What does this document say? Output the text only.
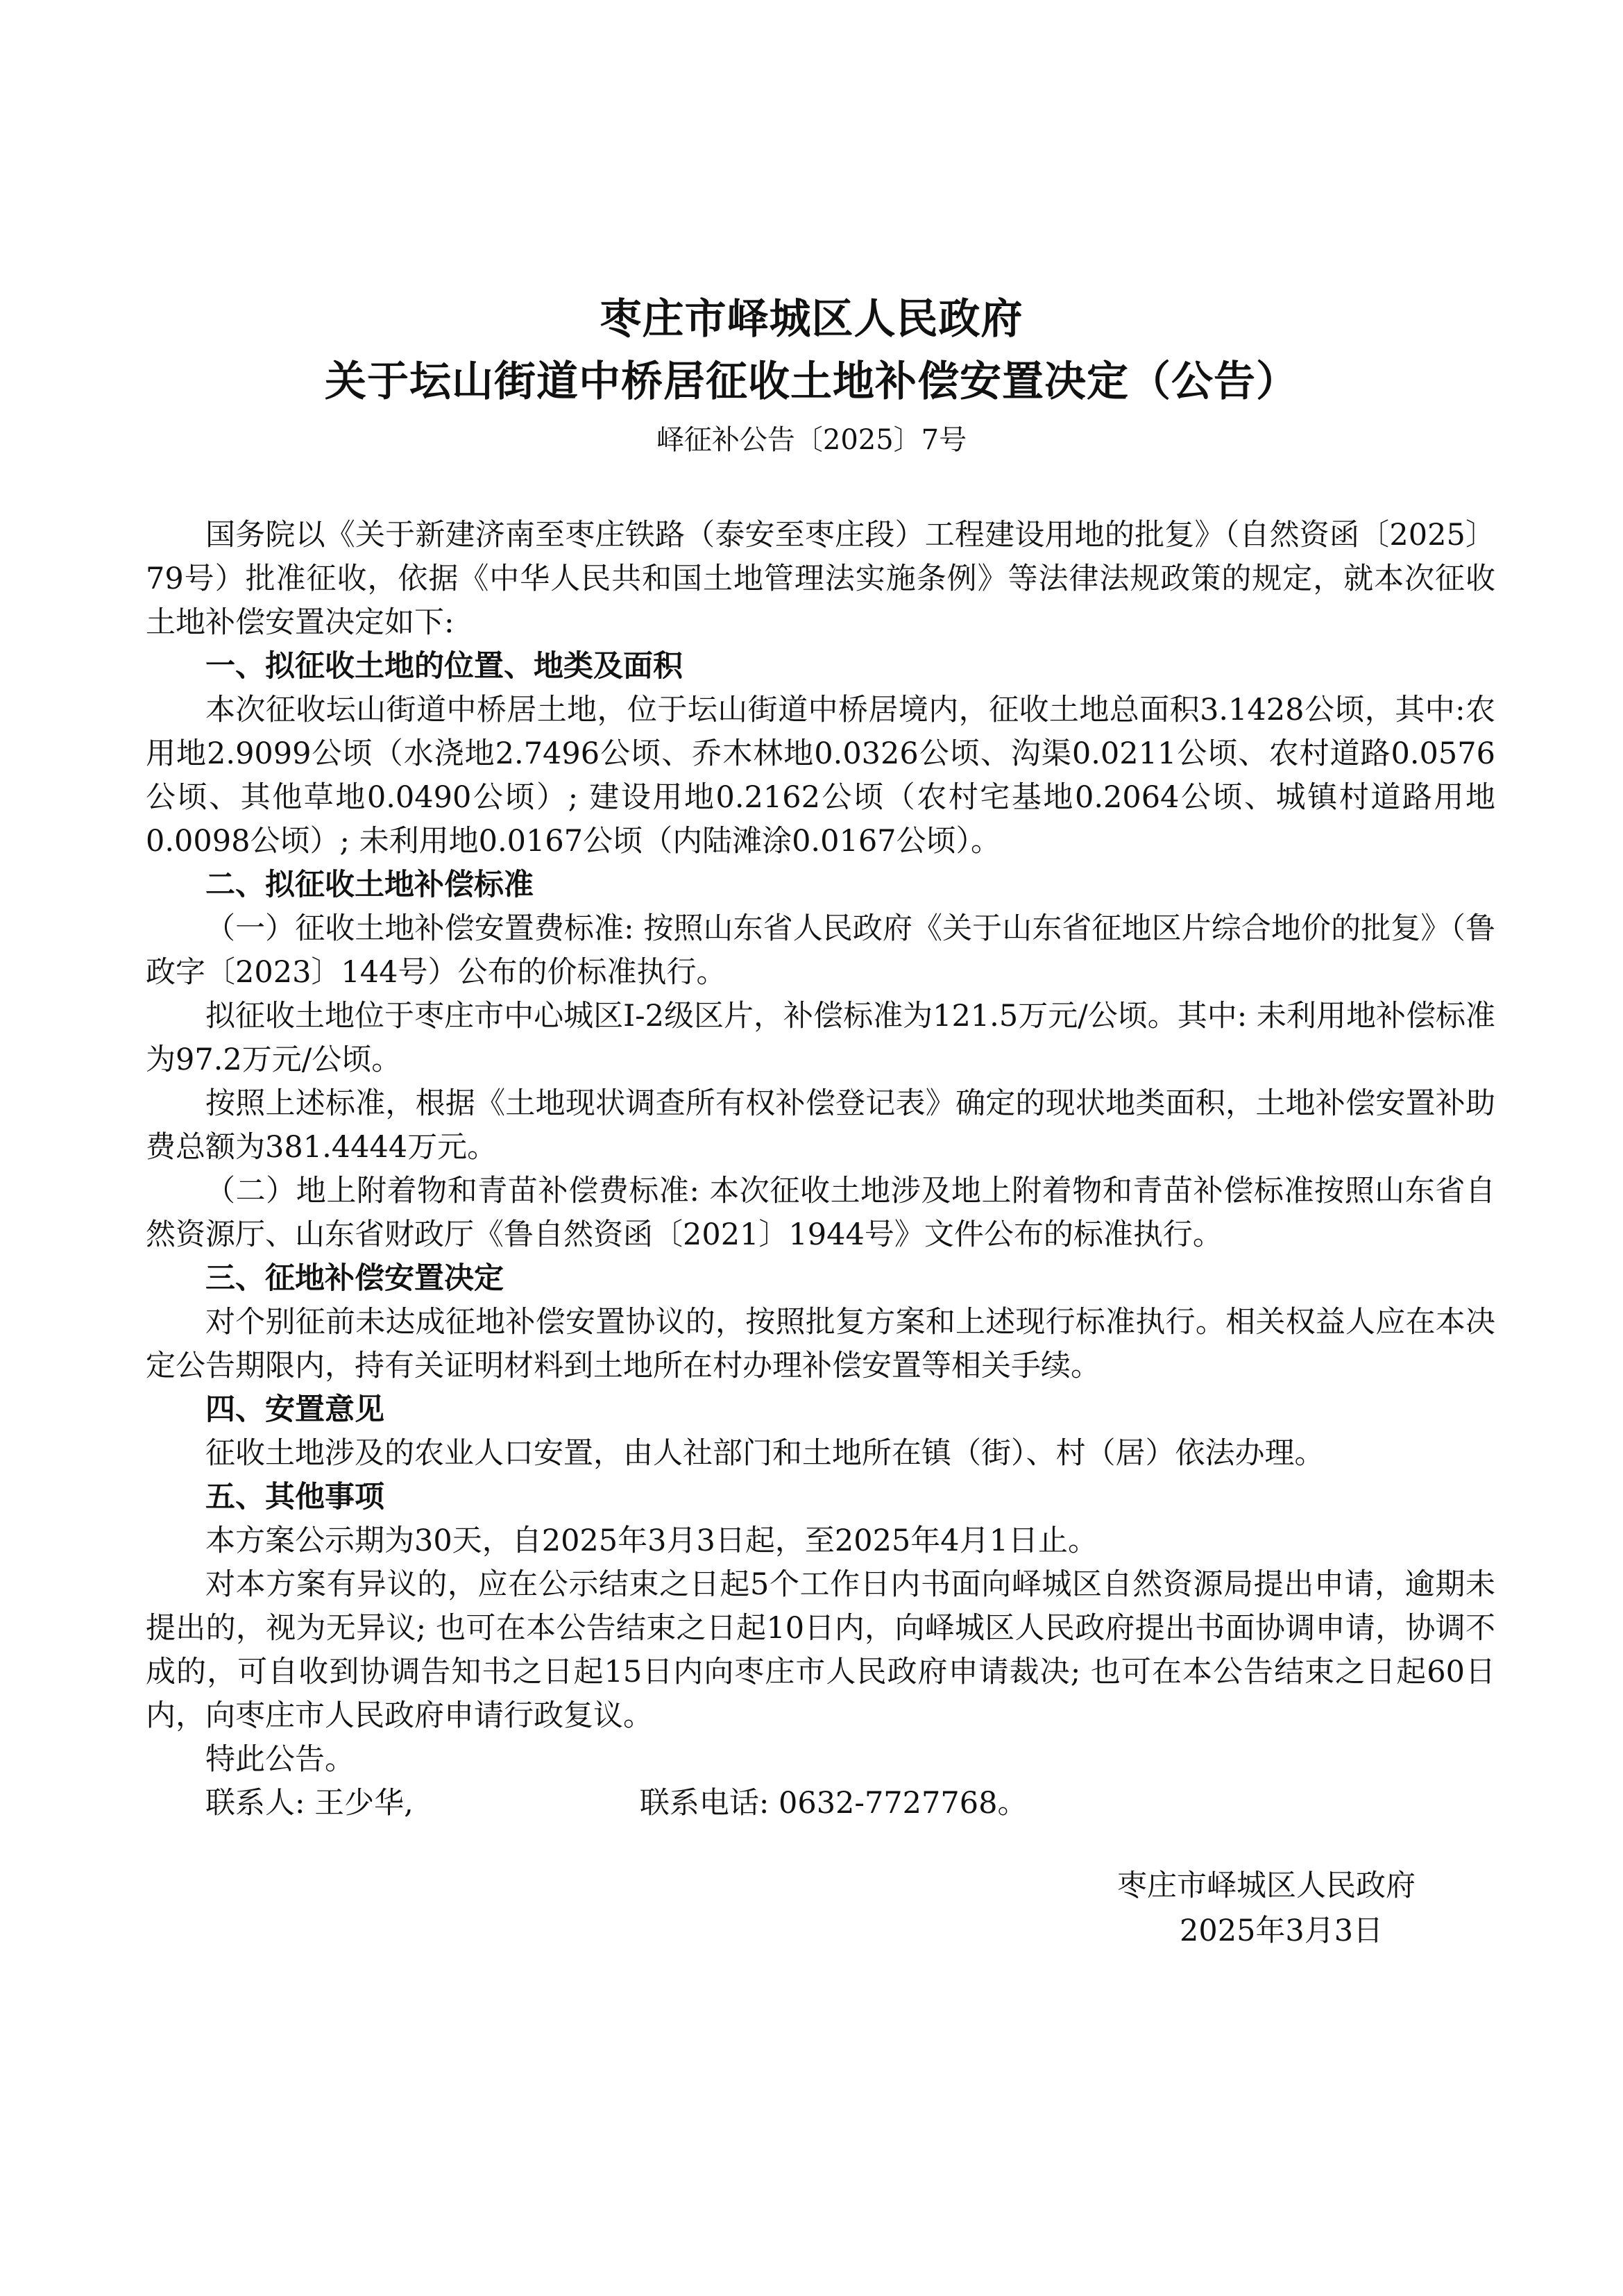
枣庄市峄城区人民政府
关于坛山街道中桥居征收土地补偿安置决定（公告）
峄征补公告〔2025〕7号

国务院以《关于新建济南至枣庄铁路（泰安至枣庄段）工程建设用地的批复》（自然资函〔2025〕79号）批准征收，依据《中华人民共和国土地管理法实施条例》等法律法规政策的规定，就本次征收土地补偿安置决定如下:

一、拟征收土地的位置、地类及面积

本次征收坛山街道中桥居土地，位于坛山街道中桥居境内，征收土地总面积3.1428公顷，其中:农用地2.9099公顷（水浇地2.7496公顷、乔木林地0.0326公顷、沟渠0.0211公顷、农村道路0.0576公顷、其他草地0.0490公顷）; 建设用地0.2162公顷（农村宅基地0.2064公顷、城镇村道路用地0.0098公顷）; 未利用地0.0167公顷（内陆滩涂0.0167公顷）。

二、拟征收土地补偿标准

（一）征收土地补偿安置费标准: 按照山东省人民政府《关于山东省征地区片综合地价的批复》（鲁政字〔2023〕144号）公布的价标准执行。

拟征收土地位于枣庄市中心城区I-2级区片，补偿标准为121.5万元/公顷。其中: 未利用地补偿标准为97.2万元/公顷。

按照上述标准，根据《土地现状调查所有权补偿登记表》确定的现状地类面积，土地补偿安置补助费总额为381.4444万元。

（二）地上附着物和青苗补偿费标准: 本次征收土地涉及地上附着物和青苗补偿标准按照山东省自然资源厅、山东省财政厅《鲁自然资函〔2021〕1944号》文件公布的标准执行。

三、征地补偿安置决定

对个别征前未达成征地补偿安置协议的，按照批复方案和上述现行标准执行。相关权益人应在本决定公告期限内，持有关证明材料到土地所在村办理补偿安置等相关手续。

四、安置意见

征收土地涉及的农业人口安置，由人社部门和土地所在镇（街）、村（居）依法办理。

五、其他事项

本方案公示期为30天，自2025年3月3日起，至2025年4月1日止。

对本方案有异议的，应在公示结束之日起5个工作日内书面向峄城区自然资源局提出申请，逾期未提出的，视为无异议; 也可在本公告结束之日起10日内，向峄城区人民政府提出书面协调申请，协调不成的，可自收到协调告知书之日起15日内向枣庄市人民政府申请裁决; 也可在本公告结束之日起60日内，向枣庄市人民政府申请行政复议。

特此公告。

联系人: 王少华,	联系电话: 0632-7727768。

枣庄市峄城区人民政府
2025年3月3日
